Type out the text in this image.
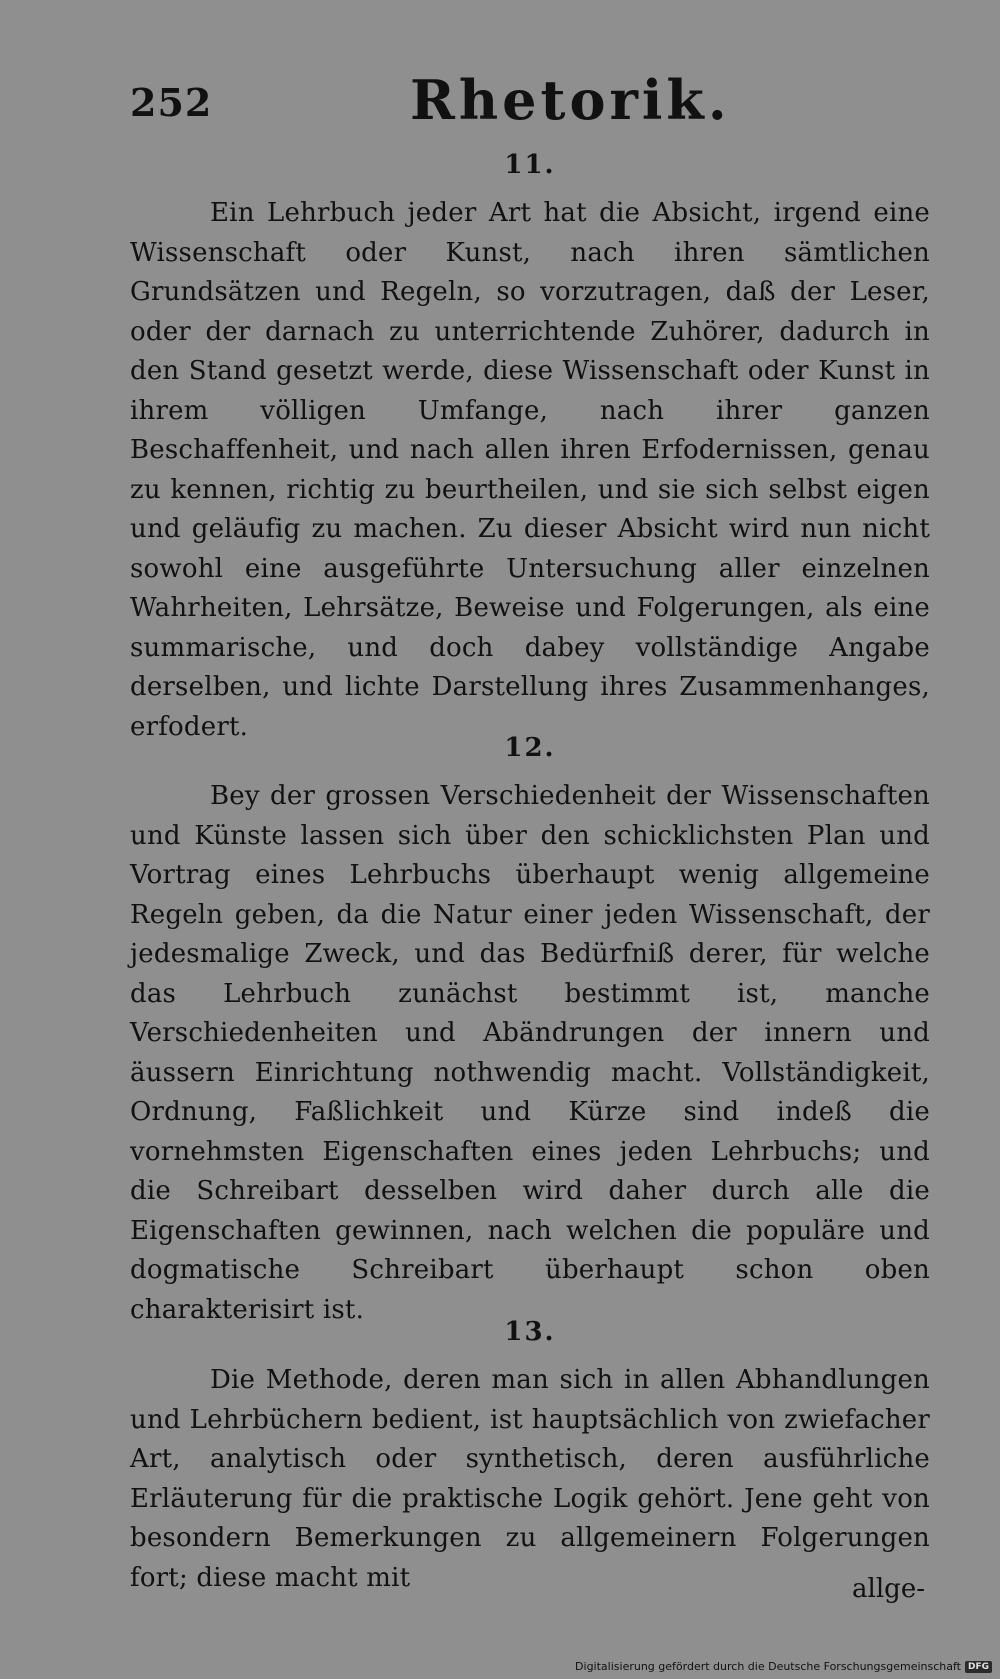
252	Rhetorik.
11.

Ein Lehrbuch jeder Art hat die Absicht, irgend eine Wissenschaft oder Kunst, nach ihren sämtlichen Grundsätzen und Regeln, so vorzutragen, daß der Leser, oder der darnach zu unterrichtende Zuhörer, dadurch in den Stand gesetzt werde, diese Wissenschaft oder Kunst in ihrem völligen Umfange, nach ihrer ganzen Beschaffenheit, und nach allen ihren Erfodernissen, genau zu kennen, richtig zu beurtheilen, und sie sich selbst eigen und geläufig zu machen. Zu dieser Absicht wird nun nicht sowohl eine ausgeführte Untersuchung aller einzelnen Wahrheiten, Lehrsätze, Beweise und Folgerungen, als eine summarische, und doch dabey vollständige Angabe derselben, und lichte Darstellung ihres Zusammenhanges, erfodert.

12.

Bey der grossen Verschiedenheit der Wissenschaften und Künste lassen sich über den schicklichsten Plan und Vortrag eines Lehrbuchs überhaupt wenig allgemeine Regeln geben, da die Natur einer jeden Wissenschaft, der jedesmalige Zweck, und das Bedürfniß derer, für welche das Lehrbuch zunächst bestimmt ist, manche Verschiedenheiten und Abändrungen der innern und äussern Einrichtung nothwendig macht. Vollständigkeit, Ordnung, Faßlichkeit und Kürze sind indeß die vornehmsten Eigenschaften eines jeden Lehrbuchs; und die Schreibart desselben wird daher durch alle die Eigenschaften gewinnen, nach welchen die populäre und dogmatische Schreibart überhaupt schon oben charakterisirt ist.

13.

Die Methode, deren man sich in allen Abhandlungen und Lehrbüchern bedient, ist hauptsächlich von zwiefacher Art, analytisch oder synthetisch, deren ausführliche Erläuterung für die praktische Logik gehört. Jene geht von besondern Bemerkungen zu allgemeinern Folgerungen fort; diese macht mit	allge-
Digitalisierung gefördert durch die Deutsche Forschungsgemeinschaft DFG
